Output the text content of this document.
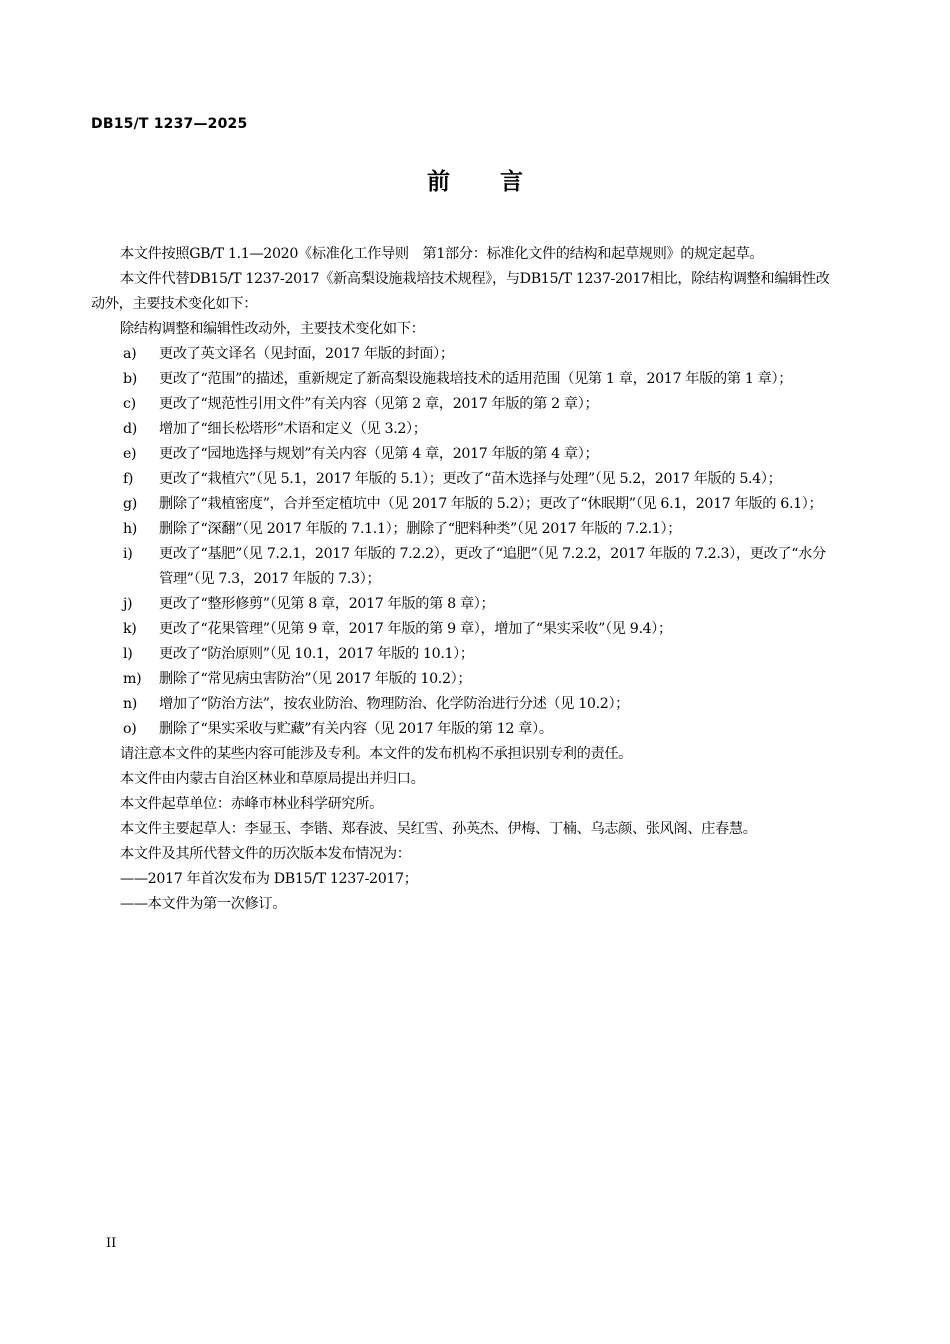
DB15/T 1237—2025
前 言

本文件按照GB/T 1.1—2020《标准化工作导则　第1部分：标准化文件的结构和起草规则》的规定起草。

本文件代替DB15/T 1237-2017《新高梨设施栽培技术规程》，与DB15/T 1237-2017相比，除结构调整和编辑性改动外，主要技术变化如下：

除结构调整和编辑性改动外，主要技术变化如下：

a) 更改了英文译名（见封面，2017 年版的封面）；
b) 更改了“范围”的描述，重新规定了新高梨设施栽培技术的适用范围（见第 1 章，2017 年版的第 1 章）；
c) 更改了“规范性引用文件”有关内容（见第 2 章，2017 年版的第 2 章）；
d) 增加了“细长松塔形”术语和定义（见 3.2）；
e) 更改了“园地选择与规划”有关内容（见第 4 章，2017 年版的第 4 章）；
f) 更改了“栽植穴”（见 5.1，2017 年版的 5.1）；更改了“苗木选择与处理”（见 5.2，2017 年版的 5.4）；
g) 删除了“栽植密度”，合并至定植坑中（见 2017 年版的 5.2）；更改了“休眠期”（见 6.1，2017 年版的 6.1）；
h) 删除了“深翻”（见 2017 年版的 7.1.1）；删除了“肥料种类”（见 2017 年版的 7.2.1）；
i) 更改了“基肥”（见 7.2.1，2017 年版的 7.2.2），更改了“追肥”（见 7.2.2，2017 年版的 7.2.3），更改了“水分管理”（见 7.3，2017 年版的 7.3）；
j) 更改了“整形修剪”（见第 8 章，2017 年版的第 8 章）；
k) 更改了“花果管理”（见第 9 章，2017 年版的第 9 章），增加了“果实采收”（见 9.4）；
l) 更改了“防治原则”（见 10.1，2017 年版的 10.1）；
m) 删除了“常见病虫害防治”（见 2017 年版的 10.2）；
n) 增加了“防治方法”，按农业防治、物理防治、化学防治进行分述（见 10.2）；
o) 删除了“果实采收与贮藏”有关内容（见 2017 年版的第 12 章）。

请注意本文件的某些内容可能涉及专利。本文件的发布机构不承担识别专利的责任。

本文件由内蒙古自治区林业和草原局提出并归口。

本文件起草单位：赤峰市林业科学研究所。

本文件主要起草人：李显玉、李锴、郑春波、吴红雪、孙英杰、伊梅、丁楠、乌志颜、张风阁、庄春慧。

本文件及其所代替文件的历次版本发布情况为：

——2017 年首次发布为 DB15/T 1237-2017；

——本文件为第一次修订。

II
